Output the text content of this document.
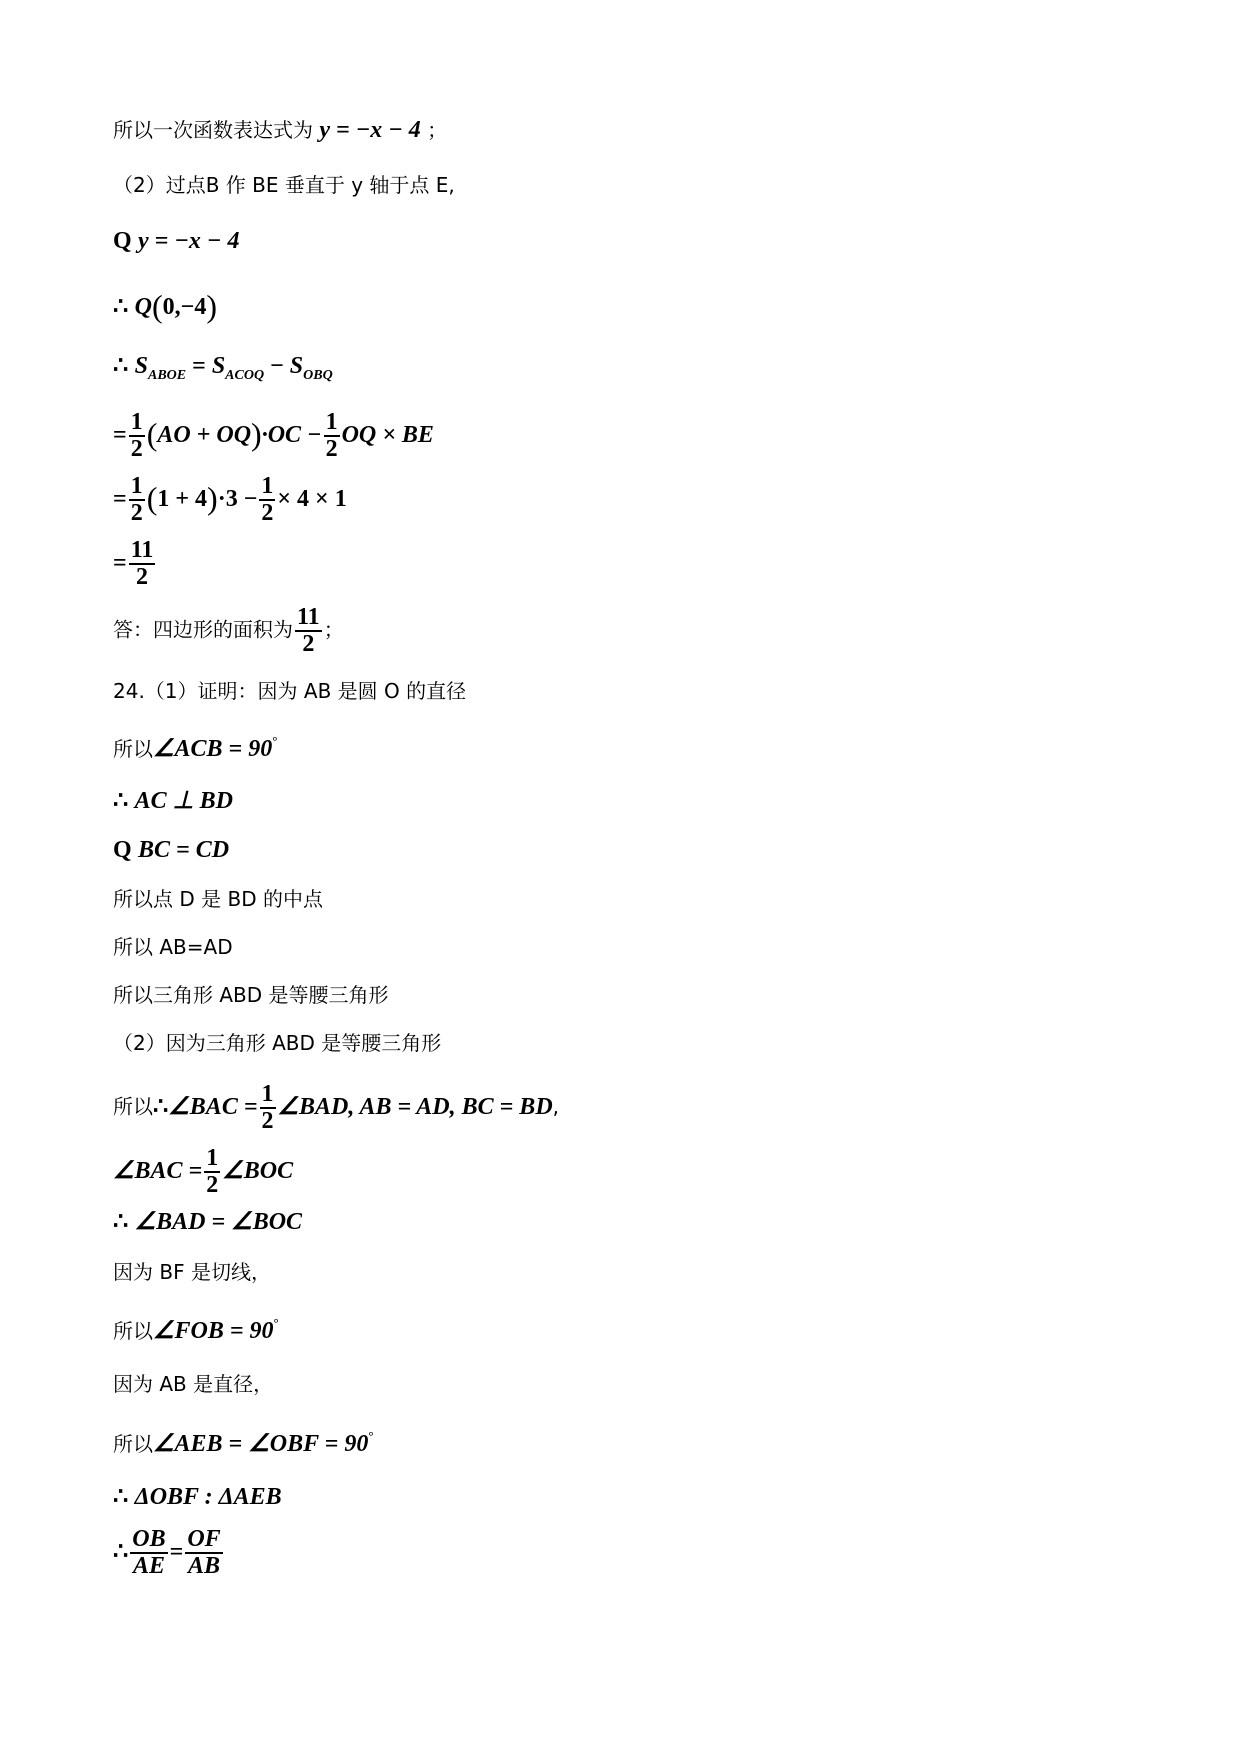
所以一次函数表达式为 y = −x − 4 ；
（2）过点B 作 BE 垂直于 y 轴于点 E,
Q y = −x − 4
∴ Q(0,−4)
∴ $S_{ABOE} = S_{ACOQ} - S_{OBQ}$
= $\frac{1}{2} (AO + OQ)\cdot OC - \frac{1}{2}$ OQ × BE
= $\frac{1}{2} (1 + 4)\cdot 3 - \frac{1}{2} \times 4 \times 1$
= $\frac{11}{2}$
答：四边形的面积为 $\frac{11}{2}$ ；
24.（1）证明：因为 AB 是圆 O 的直径
所以∠ACB = 90°
∴ AC ⊥ BD
Q BC = CD
所以点 D 是 BD 的中点
所以 AB=AD
所以三角形 ABD 是等腰三角形
（2）因为三角形 ABD 是等腰三角形
所以∴∠BAC = $\frac{1}{2}$ ∠BAD, AB = AD, BC = BD,
∠BAC = $\frac{1}{2}$ ∠BOC
∴ ∠BAD = ∠BOC
因为 BF 是切线，
所以∠FOB = 90°
因为 AB 是直径，
所以∠AEB = ∠OBF = 90°
∴ ΔOBF : ΔAEB
∴ $\frac{OB}{AE} = \frac{OF}{AB}$
